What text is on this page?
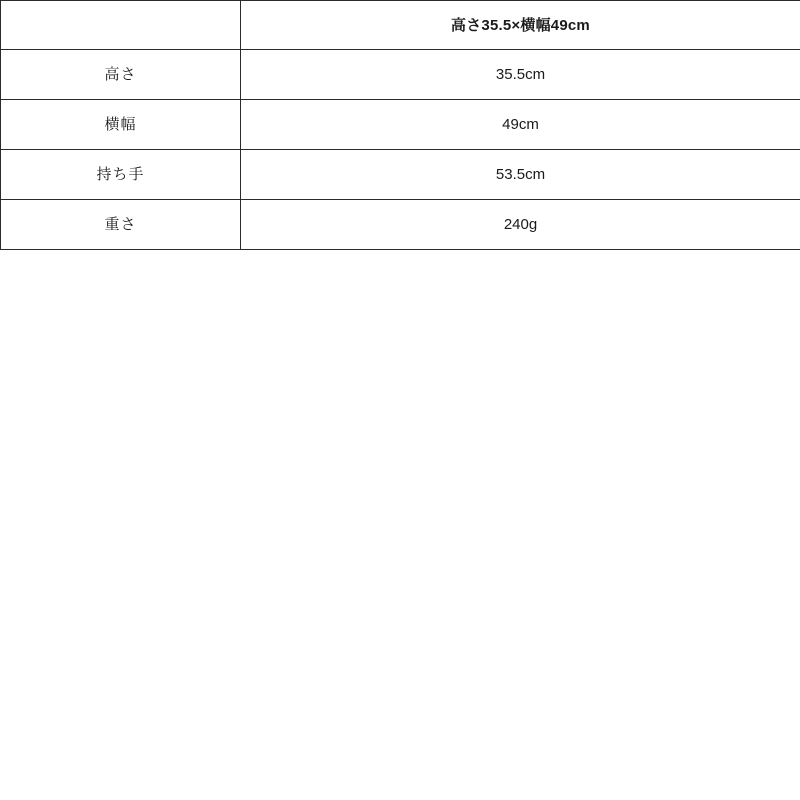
	高さ35.5×横幅49cm
高さ	35.5cm
横幅	49cm
持ち手	53.5cm
重さ	240g
